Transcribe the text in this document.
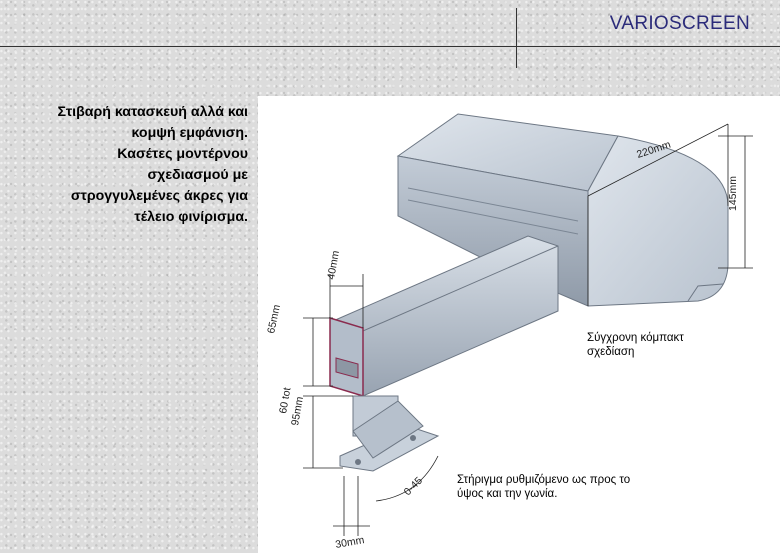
VARIOSCREEN
Στιβαρή κατασκευή αλλά και
κομψή εμφάνιση.
Κασέτες μοντέρνου
σχεδιασμού με
στρογγυλεμένες άκρες για
τέλειο φινίρισμα.
220mm
145mm
40mm
65mm
60 tot
95mm
0-45
30mm
Σύγχρονη κόμπακτ
σχεδίαση
Στήριγμα ρυθμιζόμενο ως προς το
ύψος και την γωνία.
